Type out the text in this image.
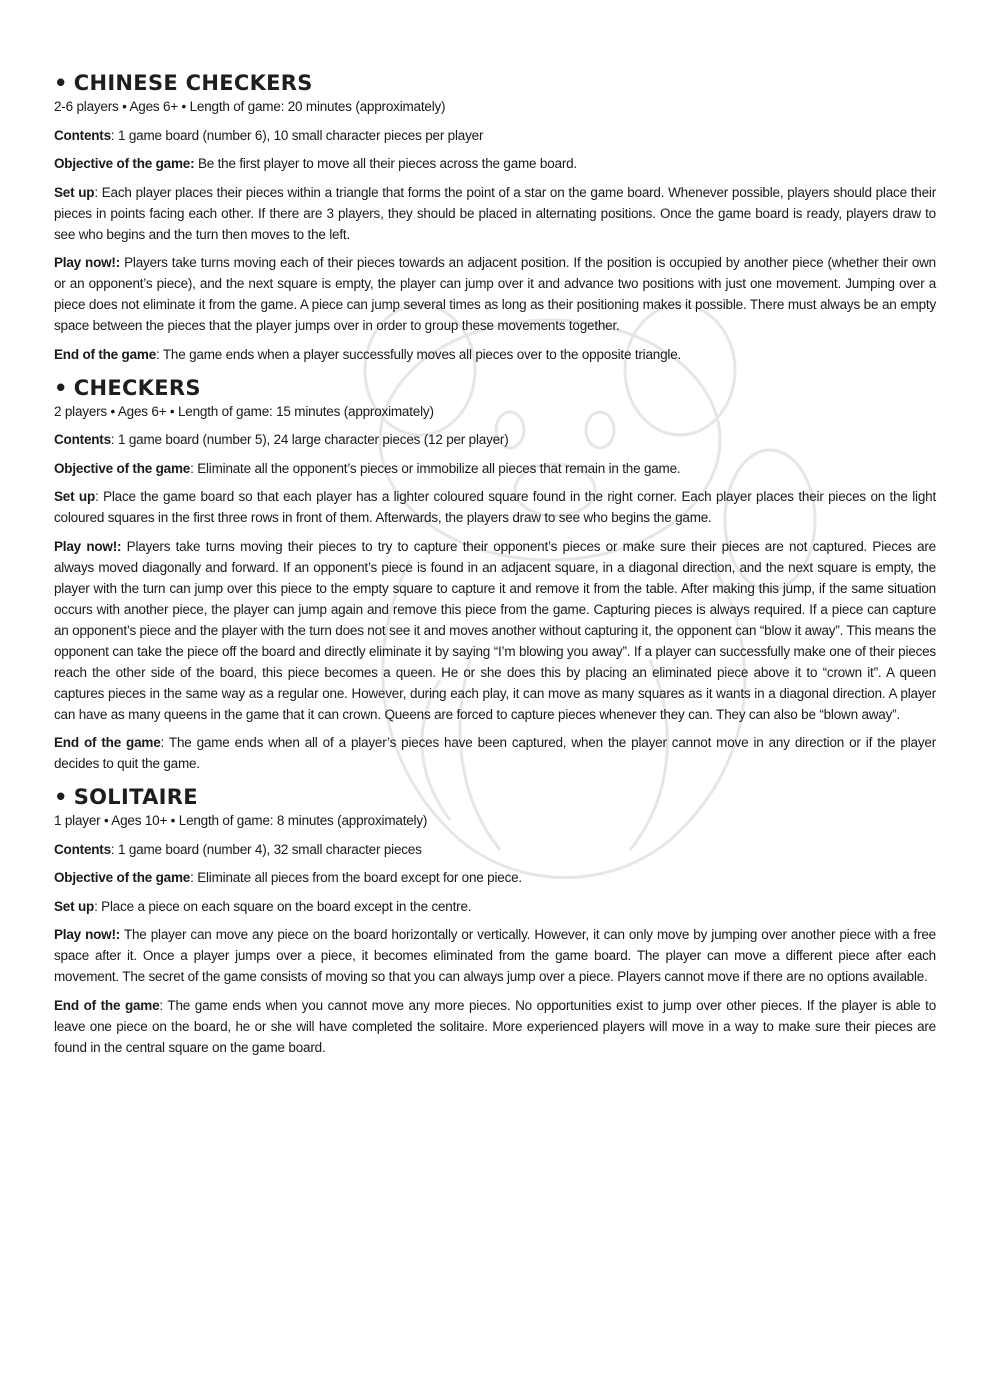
• CHINESE CHECKERS

2-6 players • Ages 6+ • Length of game: 20 minutes (approximately)

Contents: 1 game board (number 6), 10 small character pieces per player

Objective of the game: Be the first player to move all their pieces across the game board.

Set up: Each player places their pieces within a triangle that forms the point of a star on the game board. Whenever possible, players should place their pieces in points facing each other. If there are 3 players, they should be placed in alternating positions. Once the game board is ready, players draw to see who begins and the turn then moves to the left.

Play now!: Players take turns moving each of their pieces towards an adjacent position. If the position is occupied by another piece (whether their own or an opponent’s piece), and the next square is empty, the player can jump over it and advance two positions with just one movement. Jumping over a piece does not eliminate it from the game. A piece can jump several times as long as their positioning makes it possible. There must always be an empty space between the pieces that the player jumps over in order to group these movements together.

End of the game: The game ends when a player successfully moves all pieces over to the opposite triangle.

• CHECKERS

2 players • Ages 6+ • Length of game: 15 minutes (approximately)

Contents: 1 game board (number 5), 24 large character pieces (12 per player)

Objective of the game: Eliminate all the opponent’s pieces or immobilize all pieces that remain in the game.

Set up: Place the game board so that each player has a lighter coloured square found in the right corner. Each player places their pieces on the light coloured squares in the first three rows in front of them. Afterwards, the players draw to see who begins the game.

Play now!: Players take turns moving their pieces to try to capture their opponent’s pieces or make sure their pieces are not captured. Pieces are always moved diagonally and forward. If an opponent’s piece is found in an adjacent square, in a diagonal direction, and the next square is empty, the player with the turn can jump over this piece to the empty square to capture it and remove it from the table. After making this jump, if the same situation occurs with another piece, the player can jump again and remove this piece from the game. Capturing pieces is always required. If a piece can capture an opponent’s piece and the player with the turn does not see it and moves another without capturing it, the opponent can “blow it away”. This means the opponent can take the piece off the board and directly eliminate it by saying “I’m blowing you away”. If a player can successfully make one of their pieces reach the other side of the board, this piece becomes a queen. He or she does this by placing an eliminated piece above it to “crown it”. A queen captures pieces in the same way as a regular one. However, during each play, it can move as many squares as it wants in a diagonal direction. A player can have as many queens in the game that it can crown. Queens are forced to capture pieces whenever they can. They can also be “blown away”.

End of the game: The game ends when all of a player’s pieces have been captured, when the player cannot move in any direction or if the player decides to quit the game.

• SOLITAIRE

1 player • Ages 10+ • Length of game: 8 minutes (approximately)

Contents: 1 game board (number 4), 32 small character pieces

Objective of the game: Eliminate all pieces from the board except for one piece.

Set up: Place a piece on each square on the board except in the centre.

Play now!: The player can move any piece on the board horizontally or vertically. However, it can only move by jumping over another piece with a free space after it. Once a player jumps over a piece, it becomes eliminated from the game board. The player can move a different piece after each movement. The secret of the game consists of moving so that you can always jump over a piece. Players cannot move if there are no options available.

End of the game: The game ends when you cannot move any more pieces. No opportunities exist to jump over other pieces. If the player is able to leave one piece on the board, he or she will have completed the solitaire. More experienced players will move in a way to make sure their pieces are found in the central square on the game board.
